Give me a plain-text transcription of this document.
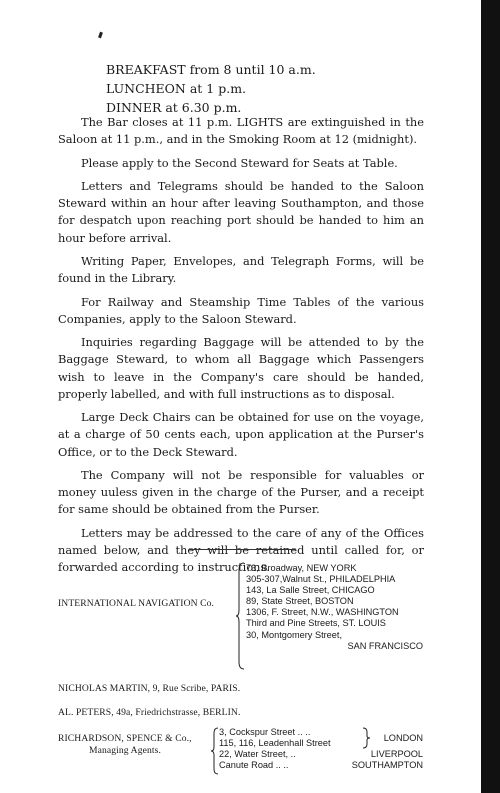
BREAKFAST from 8 until 10 a.m.
LUNCHEON at 1 p.m.
DINNER at 6.30 p.m.

The Bar closes at 11 p.m. LIGHTS are extinguished in the Saloon at 11 p.m., and in the Smoking Room at 12 (midnight).

Please apply to the Second Steward for Seats at Table.

Letters and Telegrams should be handed to the Saloon Steward within an hour after leaving Southampton, and those for despatch upon reaching port should be handed to him an hour before arrival.

Writing Paper, Envelopes, and Telegraph Forms, will be found in the Library.

For Railway and Steamship Time Tables of the various Companies, apply to the Saloon Steward.

Inquiries regarding Baggage will be attended to by the Baggage Steward, to whom all Baggage which Passengers wish to leave in the Company's care should be handed, properly labelled, and with full instructions as to disposal.

Large Deck Chairs can be obtained for use on the voyage, at a charge of 50 cents each, upon application at the Purser's Office, or to the Deck Steward.

The Company will not be responsible for valuables or money uuless given in the charge of the Purser, and a receipt for same should be obtained from the Purser.

Letters may be addressed to the care of any of the Offices named below, and they will be retained until called for, or forwarded according to instructions.

INTERNATIONAL NAVIGATION Co.
73, Broadway, NEW YORK
305-307,Walnut St., PHILADELPHIA
143, La Salle Street, CHICAGO
89, State Street, BOSTON
1306, F. Street, N.W., WASHINGTON
Third and Pine Streets, ST. LOUIS
30, Montgomery Street,
SAN FRANCISCO
NICHOLAS MARTIN, 9, Rue Scribe, PARIS.
AL. PETERS, 49a, Friedrichstrasse, BERLIN.
RICHARDSON, SPENCE & Co.,
Managing Agents.
3, Cockspur Street .. ..
115, 116, Leadenhall Street
22, Water Street, ..
Canute Road .. ..
LONDON
LIVERPOOL
SOUTHAMPTON
